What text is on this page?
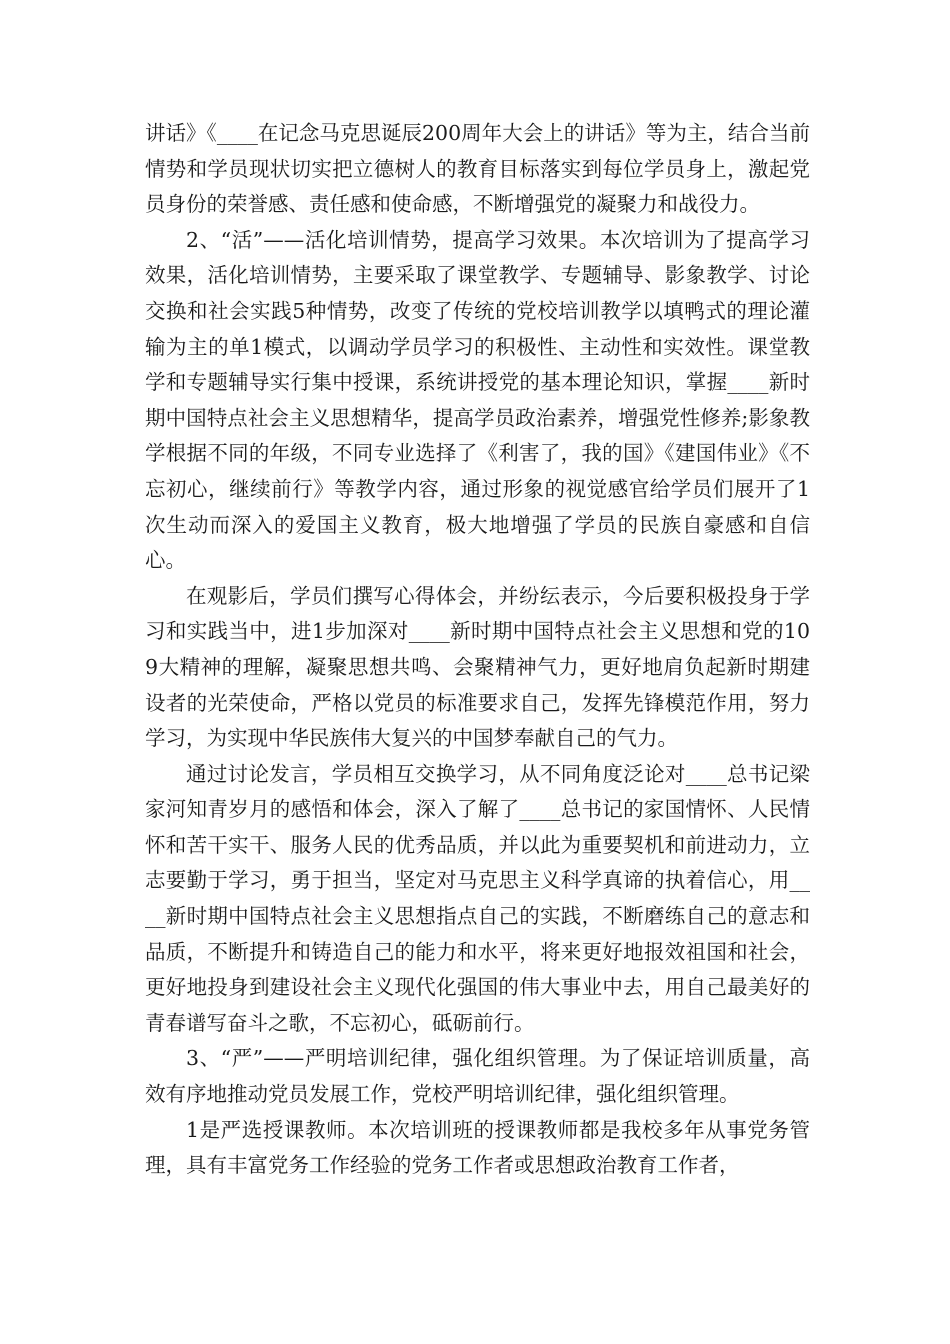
讲话》《____在记念马克思诞辰200周年大会上的讲话》等为主，结合当前情势和学员现状切实把立德树人的教育目标落实到每位学员身上，激起党员身份的荣誉感、责任感和使命感，不断增强党的凝聚力和战役力。

2、“活”——活化培训情势，提高学习效果。本次培训为了提高学习效果，活化培训情势，主要采取了课堂教学、专题辅导、影象教学、讨论交换和社会实践5种情势，改变了传统的党校培训教学以填鸭式的理论灌输为主的单1模式，以调动学员学习的积极性、主动性和实效性。课堂教学和专题辅导实行集中授课，系统讲授党的基本理论知识，掌握____新时期中国特点社会主义思想精华，提高学员政治素养，增强党性修养;影象教学根据不同的年级，不同专业选择了《利害了，我的国》《建国伟业》《不忘初心，继续前行》等教学内容，通过形象的视觉感官给学员们展开了1次生动而深入的爱国主义教育，极大地增强了学员的民族自豪感和自信心。

在观影后，学员们撰写心得体会，并纷纭表示，今后要积极投身于学习和实践当中，进1步加深对____新时期中国特点社会主义思想和党的109大精神的理解，凝聚思想共鸣、会聚精神气力，更好地肩负起新时期建设者的光荣使命，严格以党员的标准要求自己，发挥先锋模范作用，努力学习，为实现中华民族伟大复兴的中国梦奉献自己的气力。

通过讨论发言，学员相互交换学习，从不同角度泛论对____总书记梁家河知青岁月的感悟和体会，深入了解了____总书记的家国情怀、人民情怀和苦干实干、服务人民的优秀品质，并以此为重要契机和前进动力，立志要勤于学习，勇于担当，坚定对马克思主义科学真谛的执着信心，用____新时期中国特点社会主义思想指点自己的实践，不断磨练自己的意志和品质，不断提升和铸造自己的能力和水平，将来更好地报效祖国和社会，更好地投身到建设社会主义现代化强国的伟大事业中去，用自己最美好的青春谱写奋斗之歌，不忘初心，砥砺前行。

3、“严”——严明培训纪律，强化组织管理。为了保证培训质量，高效有序地推动党员发展工作，党校严明培训纪律，强化组织管理。

1是严选授课教师。本次培训班的授课教师都是我校多年从事党务管理，具有丰富党务工作经验的党务工作者或思想政治教育工作者，
